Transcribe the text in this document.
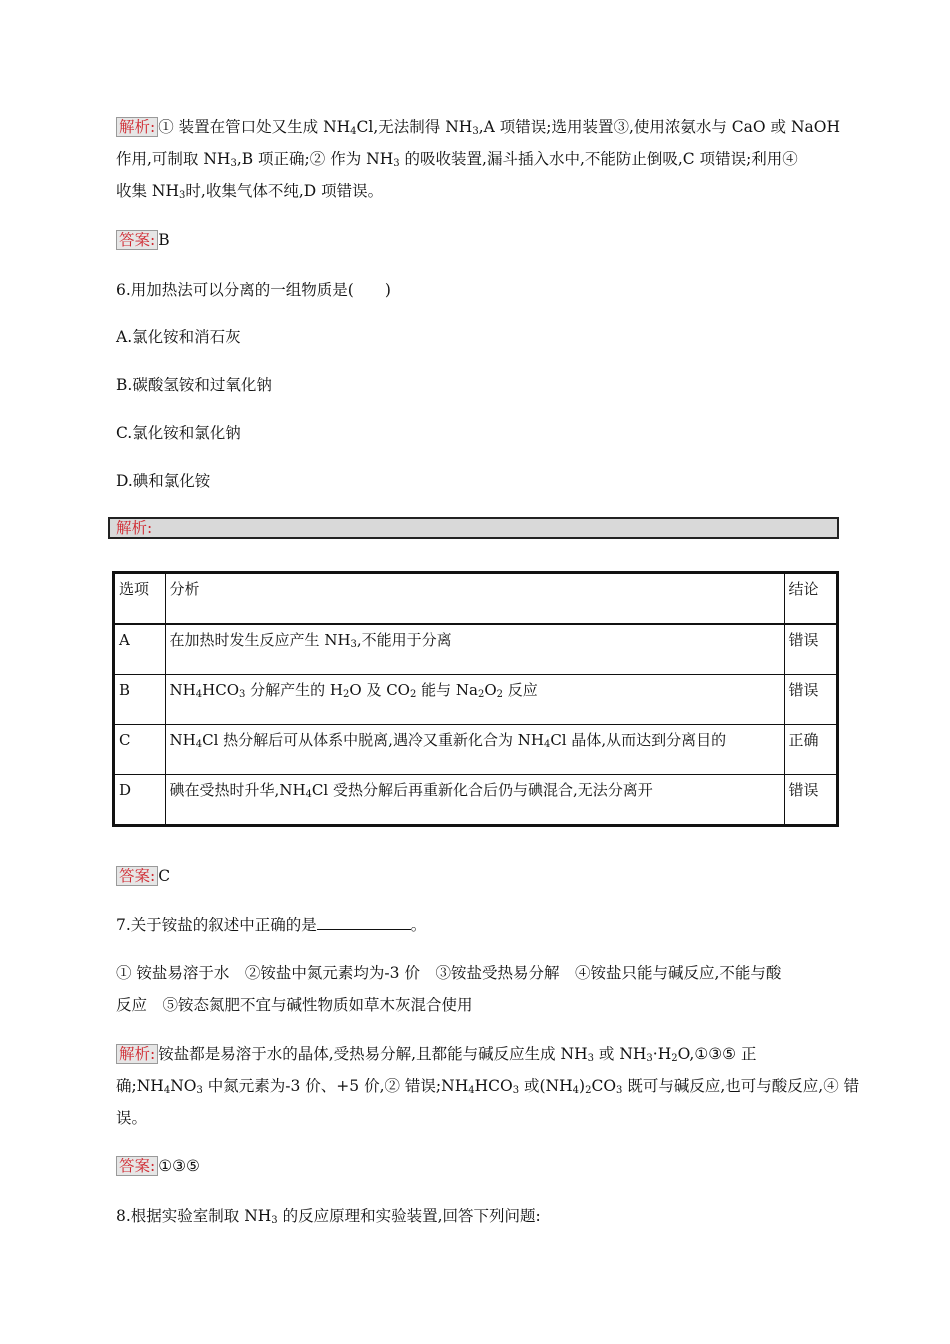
解析: ① 装置在管口处又生成 $NH_4Cl$,无法制得 $NH_3,A$ 项错误;选用装置③,使用浓氨水与 CaO 或 NaOH
作用,可制取 $NH_3,B$ 项正确;② 作为 $NH_3$ 的吸收装置,漏斗插入水中,不能防止倒吸,C 项错误;利用④
收集 $NH_3$时,收集气体不纯,D 项错误。
答案: B
6.用加热法可以分离的一组物质是(　　)
A.氯化铵和消石灰
B.碳酸氢铵和过氧化钠
C.氯化铵和氯化钠
D.碘和氯化铵
解析:
选项	分析	结论
A	在加热时发生反应产生 $NH_3$,不能用于分离	错误
B	$NH_4HCO_3$ 分解产生的 $H_2O$ 及 $CO_2$ 能与 $Na_2O_2$ 反应	错误
C	$NH_4Cl$ 热分解后可从体系中脱离,遇冷又重新化合为 $NH_4Cl$ 晶体,从而达到分离目的	正确
D	碘在受热时升华$,NH_4Cl$ 受热分解后再重新化合后仍与碘混合,无法分离开	错误
答案: C
7.关于铵盐的叙述中正确的是	。
① 铵盐易溶于水　②铵盐中氮元素均为-3 价　③铵盐受热易分解　④铵盐只能与碱反应,不能与酸
反应　⑤铵态氮肥不宜与碱性物质如草木灰混合使用
解析: 铵盐都是易溶于水的晶体,受热易分解,且都能与碱反应生成 $NH_3$ 或 $NH_3\cdot H_2O,①③⑤$ 正
确$;NH_4NO_3$ 中氮元素为-3 价、+5 价,② 错误$;NH_4HCO_3$ 或$(NH_4)_2CO_3$ 既可与碱反应,也可与酸反应,④ 错
误。
答案: ①③⑤
8.根据实验室制取 $NH_3$ 的反应原理和实验装置,回答下列问题:
